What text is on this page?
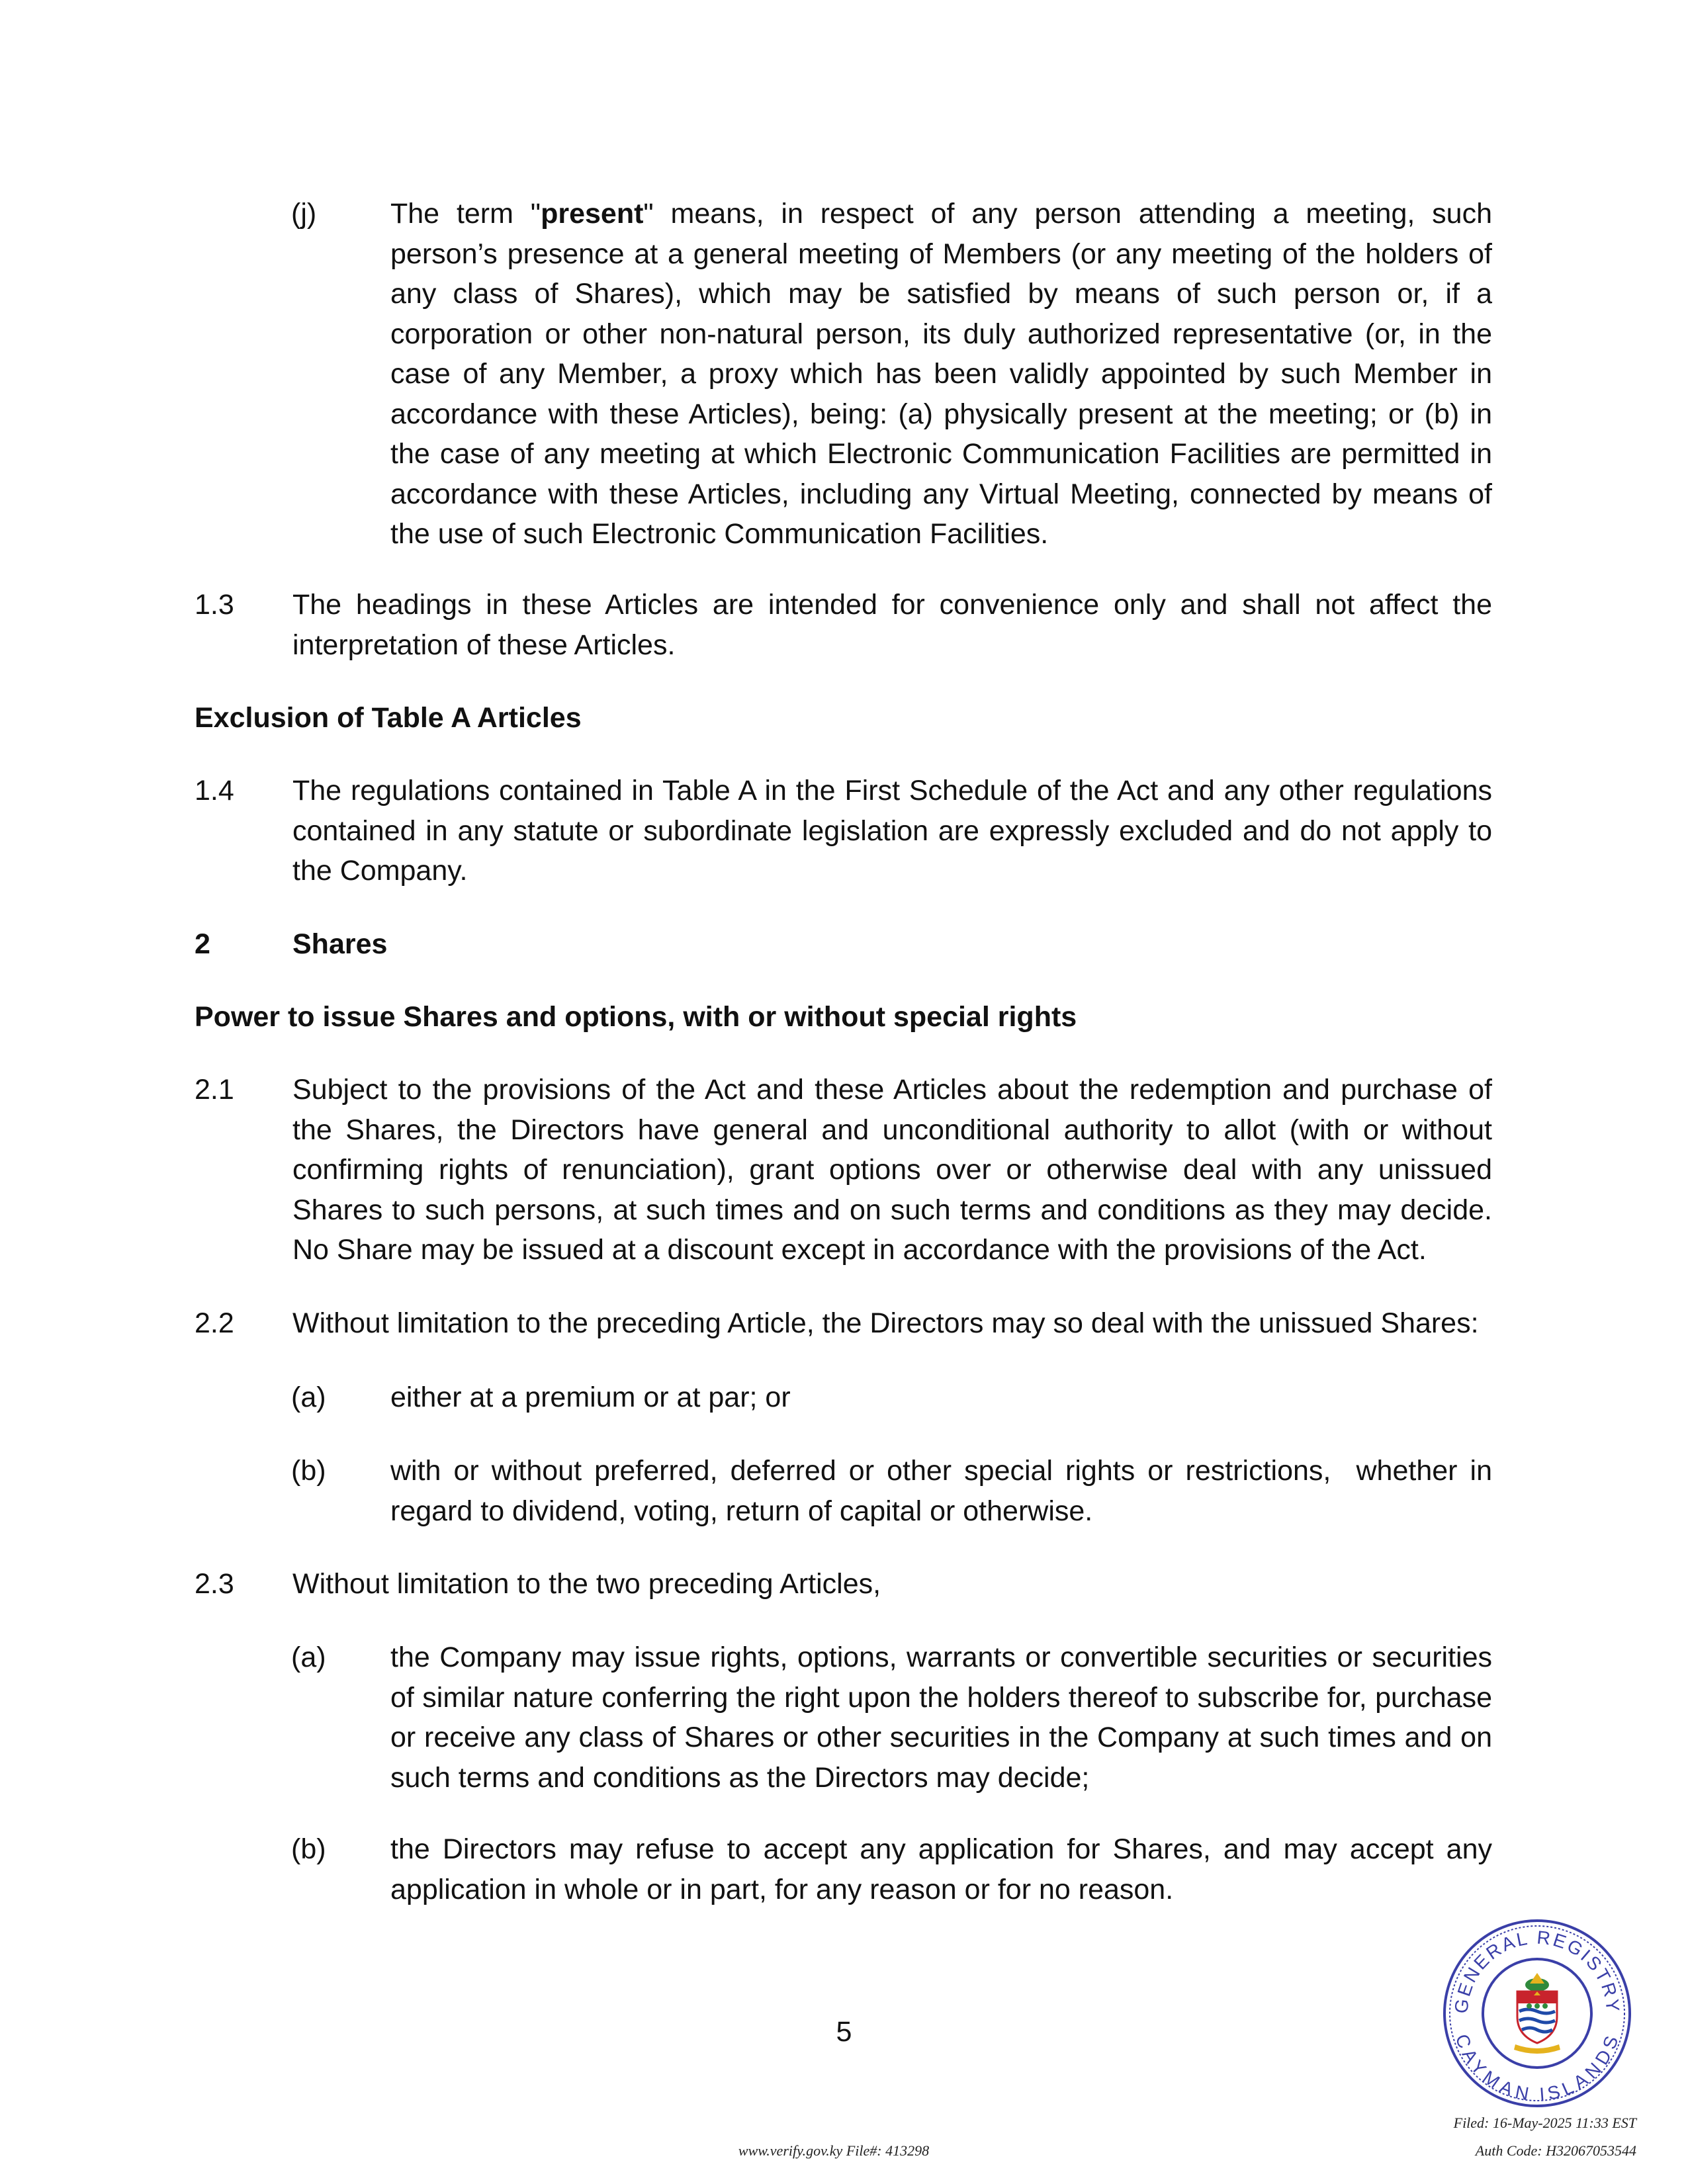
(j)	The term "present" means, in respect of any person attending a meeting, such person’s presence at a general meeting of Members (or any meeting of the holders of any class of Shares), which may be satisfied by means of such person or, if a corporation or other non-natural person, its duly authorized representative (or, in the case of any Member, a proxy which has been validly appointed by such Member in accordance with these Articles), being: (a) physically present at the meeting; or (b) in the case of any meeting at which Electronic Communication Facilities are permitted in accordance with these Articles, including any Virtual Meeting, connected by means of the use of such Electronic Communication Facilities.

1.3 The headings in these Articles are intended for convenience only and shall not affect the interpretation of these Articles.

Exclusion of Table A Articles
1.4 The regulations contained in Table A in the First Schedule of the Act and any other regulations contained in any statute or subordinate legislation are expressly excluded and do not apply to the Company.

2	Shares
Power to issue Shares and options, with or without special rights
2.1 Subject to the provisions of the Act and these Articles about the redemption and purchase of the Shares, the Directors have general and unconditional authority to allot (with or without confirming rights of renunciation), grant options over or otherwise deal with any unissued Shares to such persons, at such times and on such terms and conditions as they may decide. No Share may be issued at a discount except in accordance with the provisions of the Act.

2.2 Without limitation to the preceding Article, the Directors may so deal with the unissued Shares:

(a) either at a premium or at par; or

(b) with or without preferred, deferred or other special rights or restrictions,  whether in regard to dividend, voting, return of capital or otherwise.

2.3 Without limitation to the two preceding Articles,

(a) the Company may issue rights, options, warrants or convertible securities or securities of similar nature conferring the right upon the holders thereof to subscribe for, purchase or receive any class of Shares or other securities in the Company at such times and on such terms and conditions as the Directors may decide;

(b) the Directors may refuse to accept any application for Shares, and may accept any application in whole or in part, for any reason or for no reason.

5
GENERAL REGISTRY
CAYMAN ISLANDS
www.verify.gov.ky File#: 413298
Filed: 16-May-2025 11:33 EST
Auth Code: H32067053544
